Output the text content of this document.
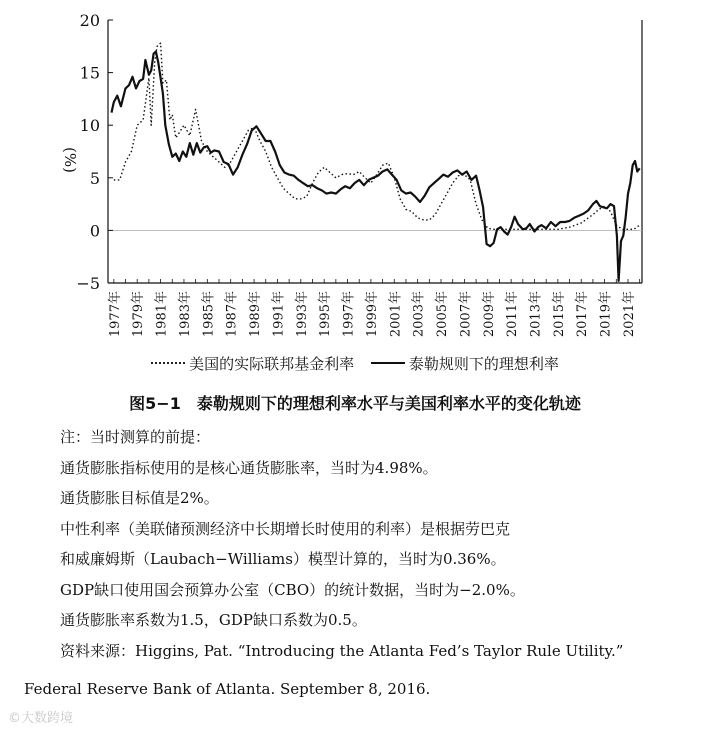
−5
0
5
10
15
20
(%)
1977年 1979年 1981年 1983年 1985年 1987年 1989年 1991年 1993年 1995年 1997年 1999年 2001年 2003年 2005年 2007年 2009年 2011年 2013年 2015年 2017年 2019年 2021年
美国的实际联邦基金利率
	泰勒规则下的理想利率
图5−1　泰勒规则下的理想利率水平与美国利率水平的变化轨迹

注：当时测算的前提：

通货膨胀指标使用的是核心通货膨胀率，当时为4.98%。

通货膨胀目标值是2%。

中性利率（美联储预测经济中长期增长时使用的利率）是根据劳巴克

和威廉姆斯（Laubach−Williams）模型计算的，当时为0.36%。

GDP缺口使用国会预算办公室（CBO）的统计数据，当时为−2.0%。

通货膨胀率系数为1.5，GDP缺口系数为0.5。

资料来源：Higgins, Pat. “Introducing the Atlanta Fed’s Taylor Rule Utility.”

Federal Reserve Bank of Atlanta. September 8, 2016.
©大数跨境
